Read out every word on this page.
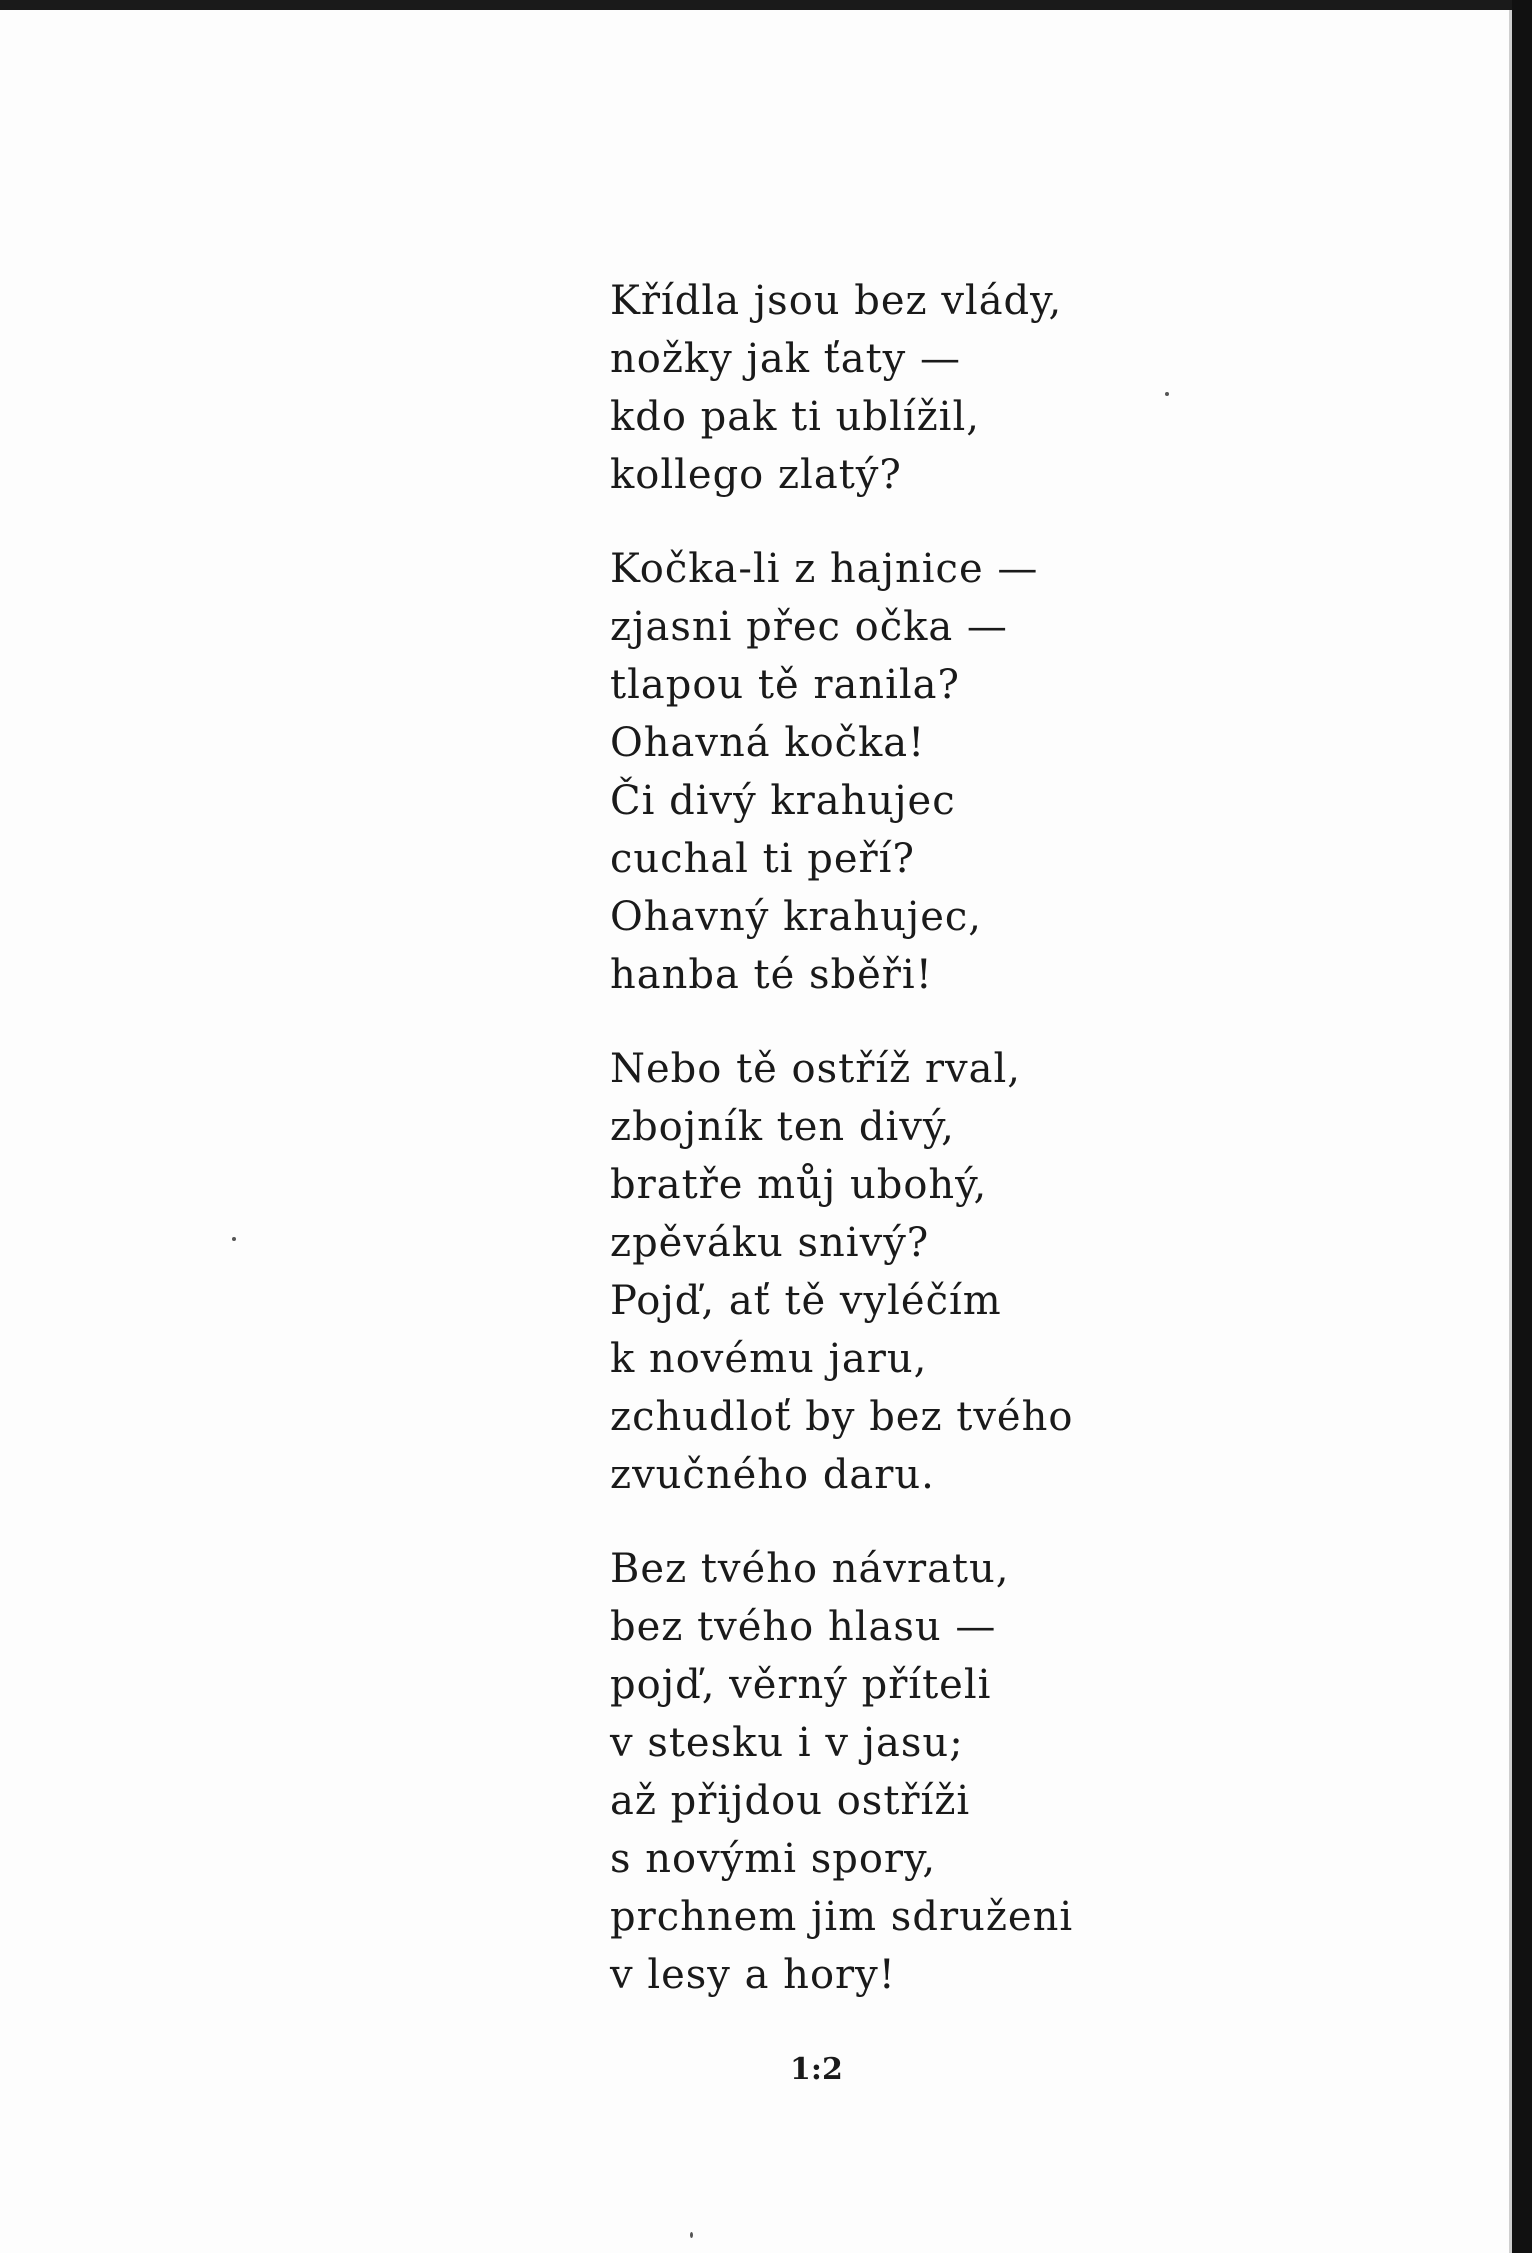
Křídla jsou bez vlády,
nožky jak ťaty —
kdo pak ti ublížil,
kollego zlatý?
Kočka-li z hajnice —
zjasni přec očka —
tlapou tě ranila?
Ohavná kočka!
Či divý krahujec
cuchal ti peří?
Ohavný krahujec,
hanba té sběři!
Nebo tě ostříž rval,
zbojník ten divý,
bratře můj ubohý,
zpěváku snivý?
Pojď, ať tě vyléčím
k novému jaru,
zchudloť by bez tvého
zvučného daru.
Bez tvého návratu,
bez tvého hlasu —
pojď, věrný příteli
v stesku i v jasu;
až přijdou ostříži
s novými spory,
prchnem jim sdruženi
v lesy a hory!
1:2
